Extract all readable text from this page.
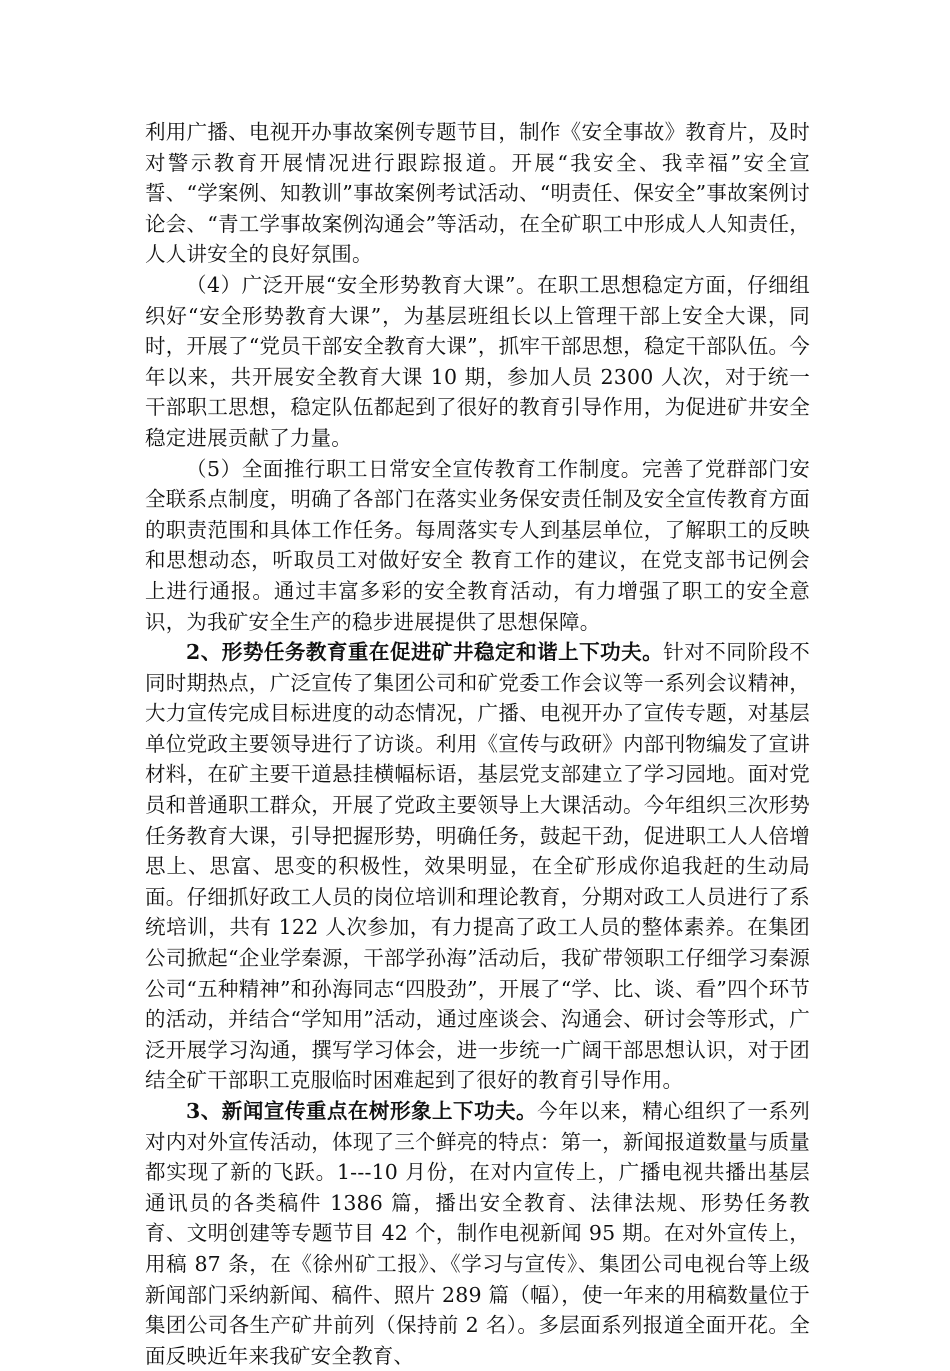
利用广播、电视开办事故案例专题节目，制作《安全事故》教育片，及时对警示教育开展情况进行跟踪报道。开展“我安全、我幸福”安全宣誓、“学案例、知教训”事故案例考试活动、“明责任、保安全”事故案例讨论会、“青工学事故案例沟通会”等活动，在全矿职工中形成人人知责任，人人讲安全的良好氛围。

（4）广泛开展“安全形势教育大课”。在职工思想稳定方面，仔细组织好“安全形势教育大课”，为基层班组长以上管理干部上安全大课，同时，开展了“党员干部安全教育大课”，抓牢干部思想，稳定干部队伍。今年以来，共开展安全教育大课 10 期，参加人员 2300 人次，对于统一干部职工思想，稳定队伍都起到了很好的教育引导作用，为促进矿井安全稳定进展贡献了力量。

（5）全面推行职工日常安全宣传教育工作制度。完善了党群部门安全联系点制度，明确了各部门在落实业务保安责任制及安全宣传教育方面的职责范围和具体工作任务。每周落实专人到基层单位，了解职工的反映和思想动态，听取员工对做好安全 教育工作的建议，在党支部书记例会上进行通报。通过丰富多彩的安全教育活动，有力增强了职工的安全意识，为我矿安全生产的稳步进展提供了思想保障。

2、形势任务教育重在促进矿井稳定和谐上下功夫。针对不同阶段不同时期热点，广泛宣传了集团公司和矿党委工作会议等一系列会议精神，大力宣传完成目标进度的动态情况，广播、电视开办了宣传专题，对基层单位党政主要领导进行了访谈。利用《宣传与政研》内部刊物编发了宣讲材料，在矿主要干道悬挂横幅标语，基层党支部建立了学习园地。面对党员和普通职工群众，开展了党政主要领导上大课活动。今年组织三次形势任务教育大课，引导把握形势，明确任务，鼓起干劲，促进职工人人倍增思上、思富、思变的积极性，效果明显，在全矿形成你追我赶的生动局面。仔细抓好政工人员的岗位培训和理论教育，分期对政工人员进行了系统培训，共有 122 人次参加，有力提高了政工人员的整体素养。在集团公司掀起“企业学秦源，干部学孙海”活动后，我矿带领职工仔细学习秦源公司“五种精神”和孙海同志“四股劲”，开展了“学、比、谈、看”四个环节的活动，并结合“学知用”活动，通过座谈会、沟通会、研讨会等形式，广泛开展学习沟通，撰写学习体会，进一步统一广阔干部思想认识，对于团结全矿干部职工克服临时困难起到了很好的教育引导作用。

3、新闻宣传重点在树形象上下功夫。今年以来，精心组织了一系列对内对外宣传活动，体现了三个鲜亮的特点：第一，新闻报道数量与质量都实现了新的飞跃。1---10 月份，在对内宣传上，广播电视共播出基层通讯员的各类稿件 1386 篇，播出安全教育、法律法规、形势任务教育、文明创建等专题节目 42 个，制作电视新闻 95 期。在对外宣传上，用稿 87 条，在《徐州矿工报》、《学习与宣传》、集团公司电视台等上级新闻部门采纳新闻、稿件、照片 289 篇（幅），使一年来的用稿数量位于集团公司各生产矿井前列（保持前 2 名）。多层面系列报道全面开花。全面反映近年来我矿安全教育、
